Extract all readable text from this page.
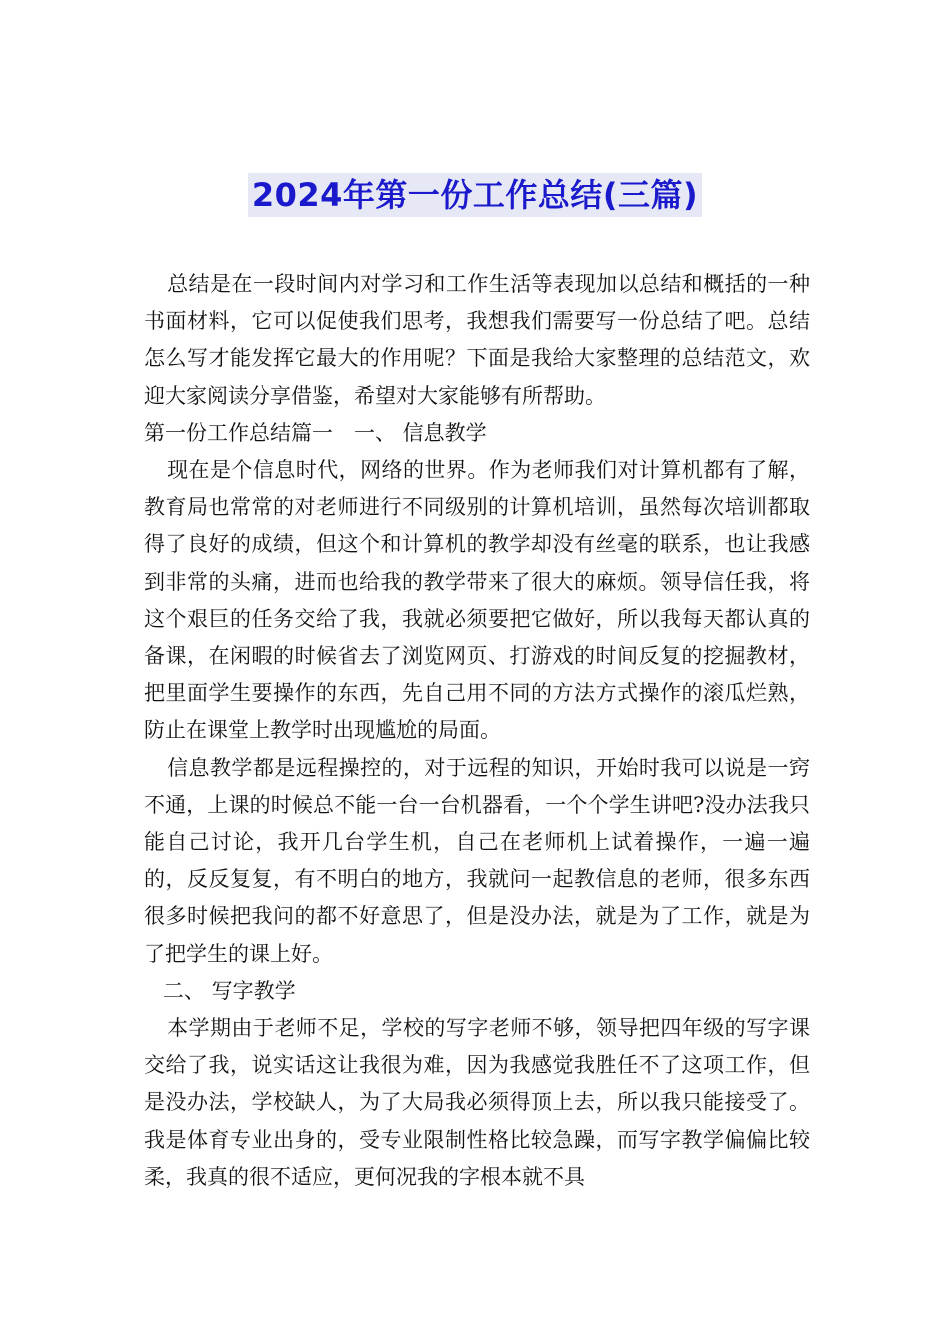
2024年第一份工作总结(三篇)

总结是在一段时间内对学习和工作生活等表现加以总结和概括的一种书面材料，它可以促使我们思考，我想我们需要写一份总结了吧。总结怎么写才能发挥它最大的作用呢？下面是我给大家整理的总结范文，欢迎大家阅读分享借鉴，希望对大家能够有所帮助。

第一份工作总结篇一　一、 信息教学

现在是个信息时代，网络的世界。作为老师我们对计算机都有了解，教育局也常常的对老师进行不同级别的计算机培训，虽然每次培训都取得了良好的成绩，但这个和计算机的教学却没有丝毫的联系，也让我感到非常的头痛，进而也给我的教学带来了很大的麻烦。领导信任我，将这个艰巨的任务交给了我，我就必须要把它做好，所以我每天都认真的备课，在闲暇的时候省去了浏览网页、打游戏的时间反复的挖掘教材，把里面学生要操作的东西，先自己用不同的方法方式操作的滚瓜烂熟，防止在课堂上教学时出现尴尬的局面。

信息教学都是远程操控的，对于远程的知识，开始时我可以说是一窍不通，上课的时候总不能一台一台机器看，一个个学生讲吧?没办法我只能自己讨论，我开几台学生机，自己在老师机上试着操作，一遍一遍的，反反复复，有不明白的地方，我就问一起教信息的老师，很多东西很多时候把我问的都不好意思了，但是没办法，就是为了工作，就是为了把学生的课上好。

二、 写字教学

本学期由于老师不足，学校的写字老师不够，领导把四年级的写字课交给了我，说实话这让我很为难，因为我感觉我胜任不了这项工作，但是没办法，学校缺人，为了大局我必须得顶上去，所以我只能接受了。我是体育专业出身的，受专业限制性格比较急躁，而写字教学偏偏比较柔，我真的很不适应，更何况我的字根本就不具
